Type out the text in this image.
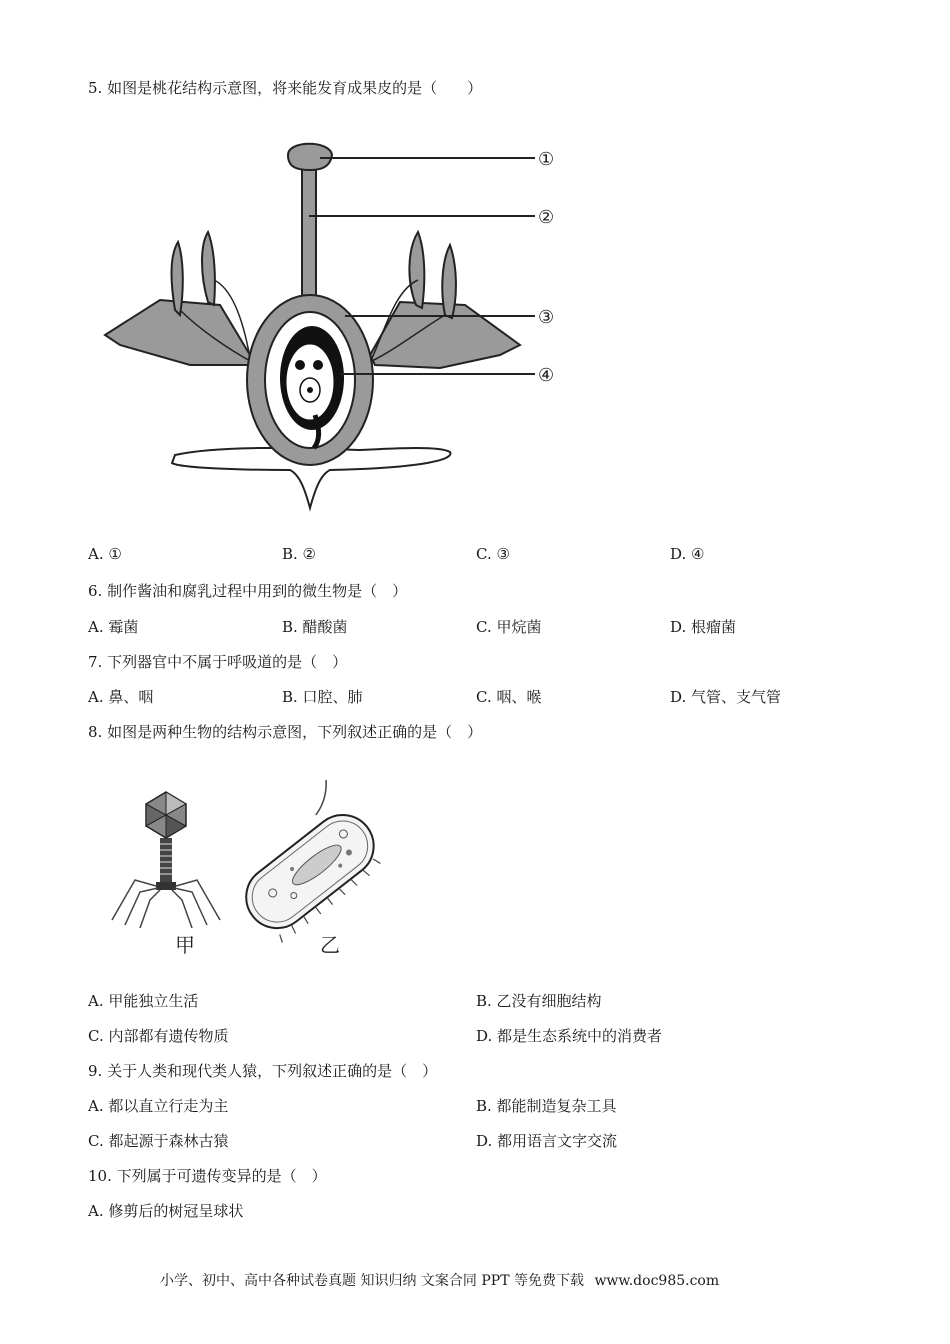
5. 如图是桃花结构示意图，将来能发育成果皮的是（　　）
①
②
③
④
A. ①	B. ②	C. ③	D. ④
6. 制作酱油和腐乳过程中用到的微生物是（　）
A. 霉菌	B. 醋酸菌	C. 甲烷菌	D. 根瘤菌
7. 下列器官中不属于呼吸道的是（　）
A. 鼻、咽	B. 口腔、肺	C. 咽、喉	D. 气管、支气管
8. 如图是两种生物的结构示意图，下列叙述正确的是（　）
甲	乙
A. 甲能独立生活	B. 乙没有细胞结构
C. 内部都有遗传物质	D. 都是生态系统中的消费者
9. 关于人类和现代类人猿，下列叙述正确的是（　）
A. 都以直立行走为主	B. 都能制造复杂工具
C. 都起源于森林古猿	D. 都用语言文字交流
10. 下列属于可遗传变异的是（　）
A. 修剪后的树冠呈球状
小学、初中、高中各种试卷真题 知识归纳 文案合同 PPT 等免费下载 www.doc985.com
